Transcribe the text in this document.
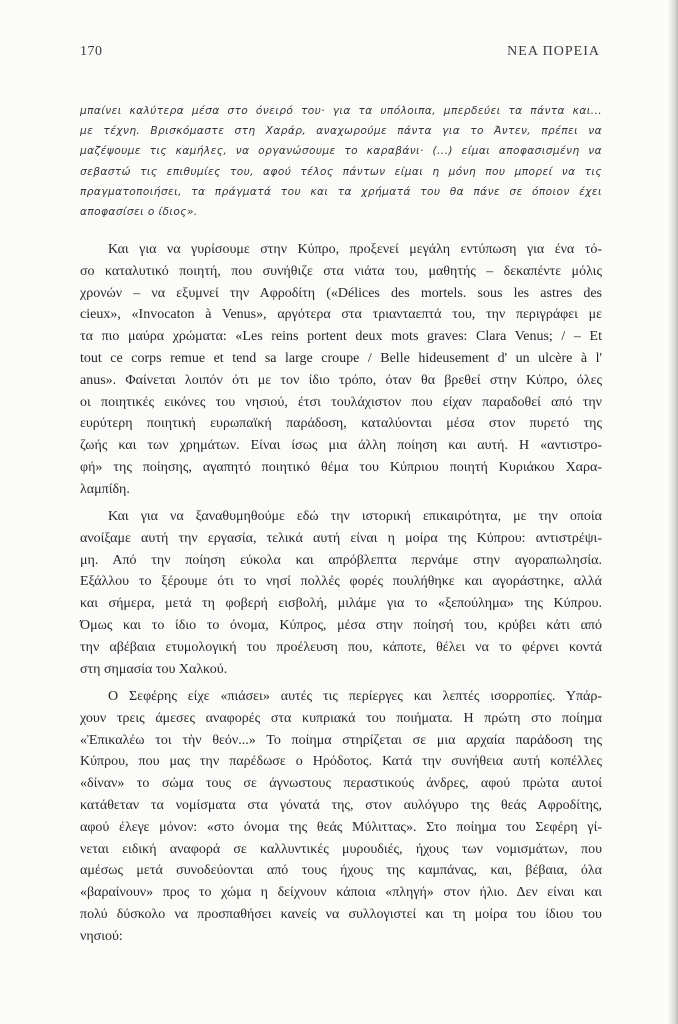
170	ΝΕΑ ΠΟΡΕΙΑ
μπαίνει καλύτερα μέσα στο όνειρό του· για τα υπόλοιπα, μπερδεύει τα πάντα και...
με τέχνη. Βρισκόμαστε στη Χαράρ, αναχωρούμε πάντα για το Άντεν, πρέπει να
μαζέψουμε τις καμήλες, να οργανώσουμε το καραβάνι· (...) είμαι αποφασισμένη να
σεβαστώ τις επιθυμίες του, αφού τέλος πάντων είμαι η μόνη που μπορεί να τις
πραγματοποιήσει, τα πράγματά του και τα χρήματά του θα πάνε σε όποιον έχει
αποφασίσει ο ίδιος».
Και για να γυρίσουμε στην Κύπρο, προξενεί μεγάλη εντύπωση για ένα τό-
σο καταλυτικό ποιητή, που συνήθιζε στα νιάτα του, μαθητής – δεκαπέντε μόλις
χρονών – να εξυμνεί την Αφροδίτη («Délices des mortels. sous les astres des
cieux», «Invocaton à Venus», αργότερα στα τριανταεπτά του, την περιγράφει με
τα πιο μαύρα χρώματα: «Les reins portent deux mots graves: Clara Venus; / – Et
tout ce corps remue et tend sa large croupe / Belle hideusement d' un ulcère à l'
anus». Φαίνεται λοιπόν ότι με τον ίδιο τρόπο, όταν θα βρεθεί στην Κύπρο, όλες
οι ποιητικές εικόνες του νησιού, έτσι τουλάχιστον που είχαν παραδοθεί από την
ευρύτερη ποιητική ευρωπαϊκή παράδοση, καταλύονται μέσα στον πυρετό της
ζωής και των χρημάτων. Είναι ίσως μια άλλη ποίηση και αυτή. Η «αντιστρο-
φή» της ποίησης, αγαπητό ποιητικό θέμα του Κύπριου ποιητή Κυριάκου Χαρα-
λαμπίδη.
Και για να ξαναθυμηθούμε εδώ την ιστορική επικαιρότητα, με την οποία
ανοίξαμε αυτή την εργασία, τελικά αυτή είναι η μοίρα της Κύπρου: αντιστρέψι-
μη. Από την ποίηση εύκολα και απρόβλεπτα περνάμε στην αγοραπωλησία.
Εξάλλου το ξέρουμε ότι το νησί πολλές φορές πουλήθηκε και αγοράστηκε, αλλά
και σήμερα, μετά τη φοβερή εισβολή, μιλάμε για το «ξεπούλημα» της Κύπρου.
Όμως και το ίδιο το όνομα, Κύπρος, μέσα στην ποίησή του, κρύβει κάτι από
την αβέβαια ετυμολογική του προέλευση που, κάποτε, θέλει να το φέρνει κοντά
στη σημασία του Χαλκού.
Ο Σεφέρης είχε «πιάσει» αυτές τις περίεργες και λεπτές ισορροπίες. Υπάρ-
χουν τρεις άμεσες αναφορές στα κυπριακά του ποιήματα. Η πρώτη στο ποίημα
«Ἐπικαλέω τοι τὴν θεόν...» Το ποίημα στηρίζεται σε μια αρχαία παράδοση της
Κύπρου, που μας την παρέδωσε ο Ηρόδοτος. Κατά την συνήθεια αυτή κοπέλλες
«δίναν» το σώμα τους σε άγνωστους περαστικούς άνδρες, αφού πρώτα αυτοί
κατάθεταν τα νομίσματα στα γόνατά της, στον αυλόγυρο της θεάς Αφροδίτης,
αφού έλεγε μόνον: «στο όνομα της θεάς Μύλιττας». Στο ποίημα του Σεφέρη γί-
νεται ειδική αναφορά σε καλλυντικές μυρουδιές, ήχους των νομισμάτων, που
αμέσως μετά συνοδεύονται από τους ήχους της καμπάνας, και, βέβαια, όλα
«βαραίνουν» προς το χώμα η δείχνουν κάποια «πληγή» στον ήλιο. Δεν είναι και
πολύ δύσκολο να προσπαθήσει κανείς να συλλογιστεί και τη μοίρα του ίδιου του
νησιού:
